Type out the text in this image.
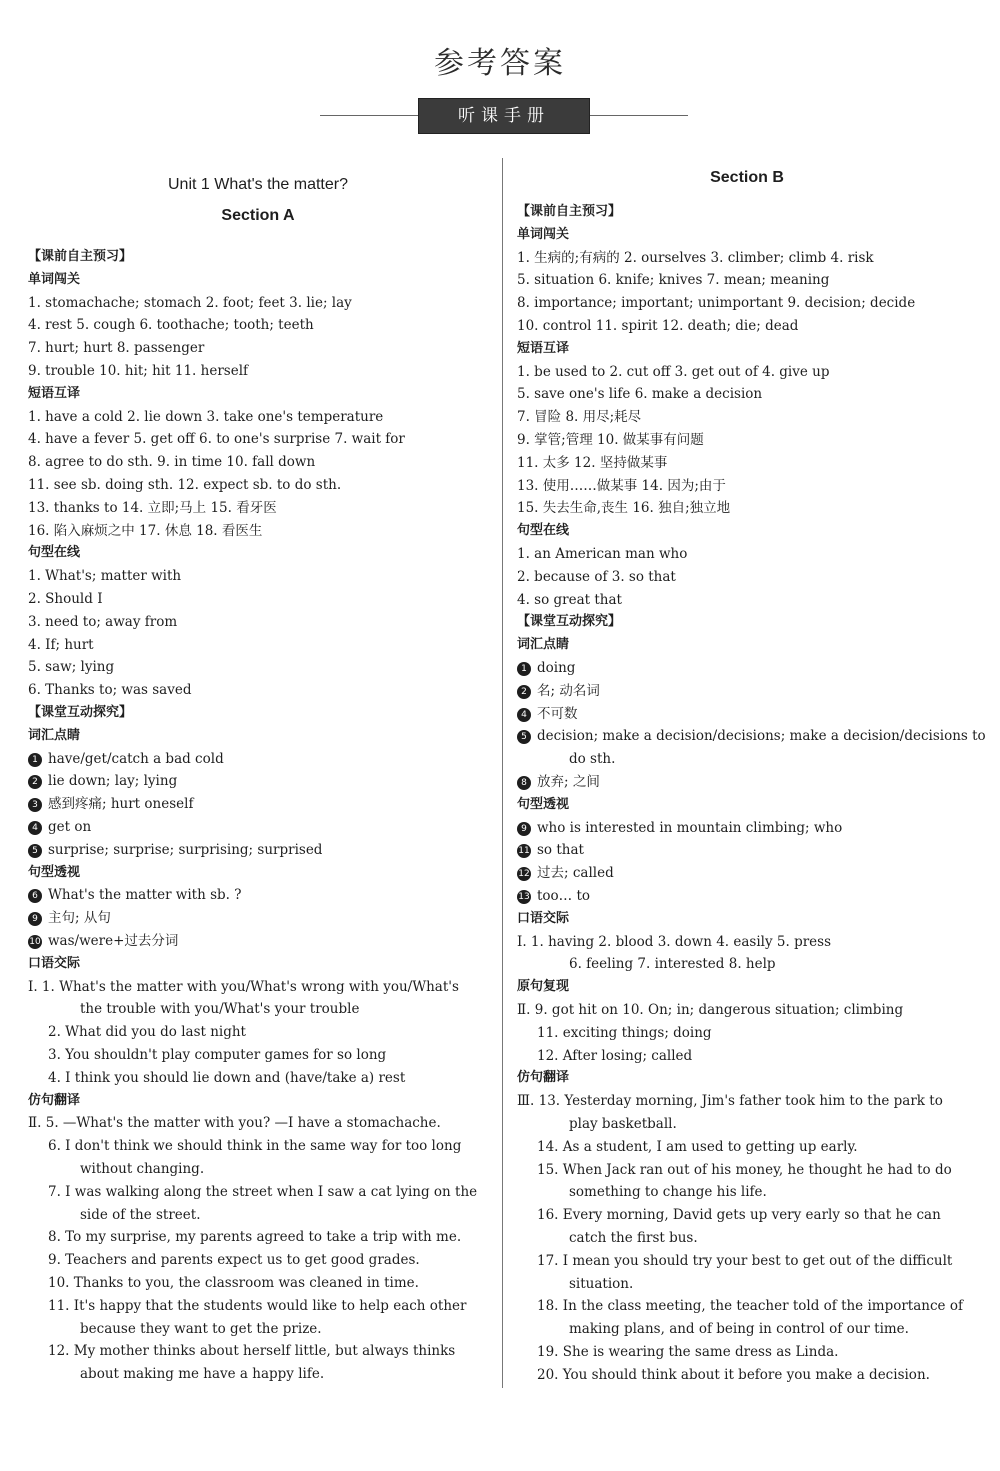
参考答案
听课手册
Unit 1 What's the matter?
Section A
Section B
【课前自主预习】
单词闯关
1. stomachache; stomach 2. foot; feet 3. lie; lay
4. rest 5. cough 6. toothache; tooth; teeth
7. hurt; hurt 8. passenger
9. trouble 10. hit; hit 11. herself
短语互译
1. have a cold 2. lie down 3. take one's temperature
4. have a fever 5. get off 6. to one's surprise 7. wait for
8. agree to do sth. 9. in time 10. fall down
11. see sb. doing sth. 12. expect sb. to do sth.
13. thanks to 14. 立即;马上 15. 看牙医
16. 陷入麻烦之中 17. 休息 18. 看医生
句型在线
1. What's; matter with
2. Should I
3. need to; away from
4. If; hurt
5. saw; lying
6. Thanks to; was saved
【课堂互动探究】
词汇点睛
1 have/get/catch a bad cold
2 lie down; lay; lying
3 感到疼痛; hurt oneself
4 get on
5 surprise; surprise; surprising; surprised
句型透视
6 What's the matter with sb. ?
9 主句; 从句
10 was/were+过去分词
口语交际
Ⅰ. 1. What's the matter with you/What's wrong with you/What's
the trouble with you/What's your trouble
2. What did you do last night
3. You shouldn't play computer games for so long
4. I think you should lie down and (have/take a) rest
仿句翻译
Ⅱ. 5. —What's the matter with you? —I have a stomachache.
6. I don't think we should think in the same way for too long
without changing.
7. I was walking along the street when I saw a cat lying on the
side of the street.
8. To my surprise, my parents agreed to take a trip with me.
9. Teachers and parents expect us to get good grades.
10. Thanks to you, the classroom was cleaned in time.
11. It's happy that the students would like to help each other
because they want to get the prize.
12. My mother thinks about herself little, but always thinks
about making me have a happy life.
【课前自主预习】
单词闯关
1. 生病的;有病的 2. ourselves 3. climber; climb 4. risk
5. situation 6. knife; knives 7. mean; meaning
8. importance; important; unimportant 9. decision; decide
10. control 11. spirit 12. death; die; dead
短语互译
1. be used to 2. cut off 3. get out of 4. give up
5. save one's life 6. make a decision
7. 冒险 8. 用尽;耗尽
9. 掌管;管理 10. 做某事有问题
11. 太多 12. 坚持做某事
13. 使用……做某事 14. 因为;由于
15. 失去生命,丧生 16. 独自;独立地
句型在线
1. an American man who
2. because of 3. so that
4. so great that
【课堂互动探究】
词汇点睛
1 doing
2 名; 动名词
4 不可数
5 decision; make a decision/decisions; make a decision/decisions to
do sth.
8 放弃; 之间
句型透视
9 who is interested in mountain climbing; who
11 so that
12 过去; called
13 too… to
口语交际
Ⅰ. 1. having 2. blood 3. down 4. easily 5. press
6. feeling 7. interested 8. help
原句复现
Ⅱ. 9. got hit on 10. On; in; dangerous situation; climbing
11. exciting things; doing
12. After losing; called
仿句翻译
Ⅲ. 13. Yesterday morning, Jim's father took him to the park to
play basketball.
14. As a student, I am used to getting up early.
15. When Jack ran out of his money, he thought he had to do
something to change his life.
16. Every morning, David gets up very early so that he can
catch the first bus.
17. I mean you should try your best to get out of the difficult
situation.
18. In the class meeting, the teacher told of the importance of
making plans, and of being in control of our time.
19. She is wearing the same dress as Linda.
20. You should think about it before you make a decision.
